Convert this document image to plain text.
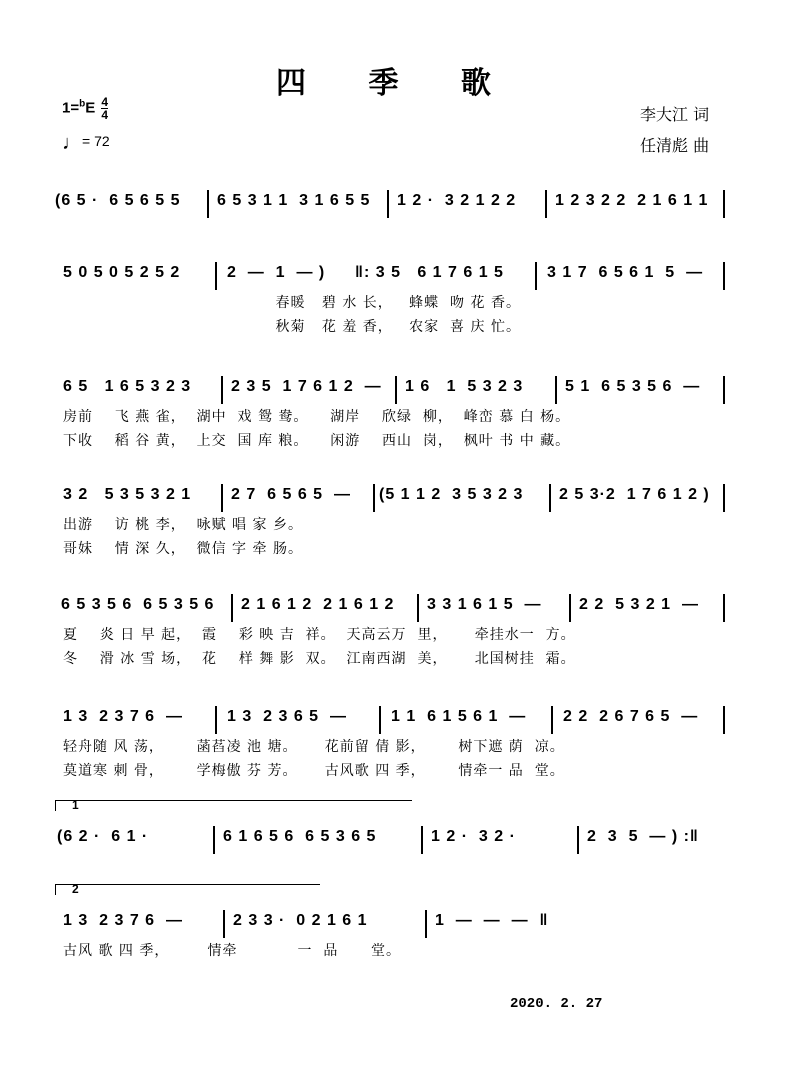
四 季 歌
$1=^bE \frac{4}{4}$
♩= 72
李大江 词
任清彪 曲
(6 5 ·  6 5 6 5 5 6 5 3 1 1  3 1 6 5 5 1 2 ·  3 2 1 2 2 1 2 3 2 2  2 1 6 1 1
5 0 5 0 5 2 5 2	2  —  1  — ) ‖: 3 5   6 1 7 6 1 5	3 1 7  6 5 6 1  5  —
春暖   碧 水 长，   蜂蝶  吻 花 香。
秋菊   花 羞 香，   农家  喜 庆 忙。
6 5   1 6 5 3 2 3 2 3 5  1 7 6 1 2  — 1 6   1  5 3 2 3	5 1  6 5 3 5 6  —
房前    飞 燕 雀，  湖中  戏 鸳 鸯。    湖岸    欣绿  柳，  峰峦 慕 白 杨。
下收    稻 谷 黄，  上交  国 库 粮。    闲游    西山  岗，  枫叶 书 中 藏。
3 2   5 3 5 3 2 1 2 7  6 5 6 5  — (5 1 1 2  3 5 3 2 3 2 5 3·2  1 7 6 1 2 )
出游    访 桃 李，  咏赋 唱 家 乡。
哥妹    情 深 久，  微信 字 牵 肠。
6 5 3 5 6  6 5 3 5 6 2 1 6 1 2  2 1 6 1 2 3 3 1 6 1 5  — 2 2  5 3 2 1  —
夏    炎 日 早 起，  霞    彩 映 吉  祥。  天高云万  里，     牵挂水一  方。
冬    滑 冰 雪 场，  花    样 舞 影  双。  江南西湖  美，     北国树挂  霜。
1 3  2 3 7 6  —	1 3  2 3 6 5  —	1 1  6 1 5 6 1  — 2 2  2 6 7 6 5  —
轻舟随 风 荡，      菡萏凌 池 塘。     花前留 倩 影，      树下遮 荫  凉。
莫道寒 刺 骨，      学梅傲 芬 芳。     古风歌 四 季，      情牵一 品  堂。
1
(6 2 ·  6 1 ·	6 1 6 5 6  6 5 3 6 5	1 2 ·  3 2 ·	2  3  5  — ) :‖
2
1 3  2 3 7 6  —	2 3 3 ·  0 2 1 6 1	1  —  —  —  ‖
古风 歌 四 季，       情牵           一  品      堂。
2020. 2. 27
